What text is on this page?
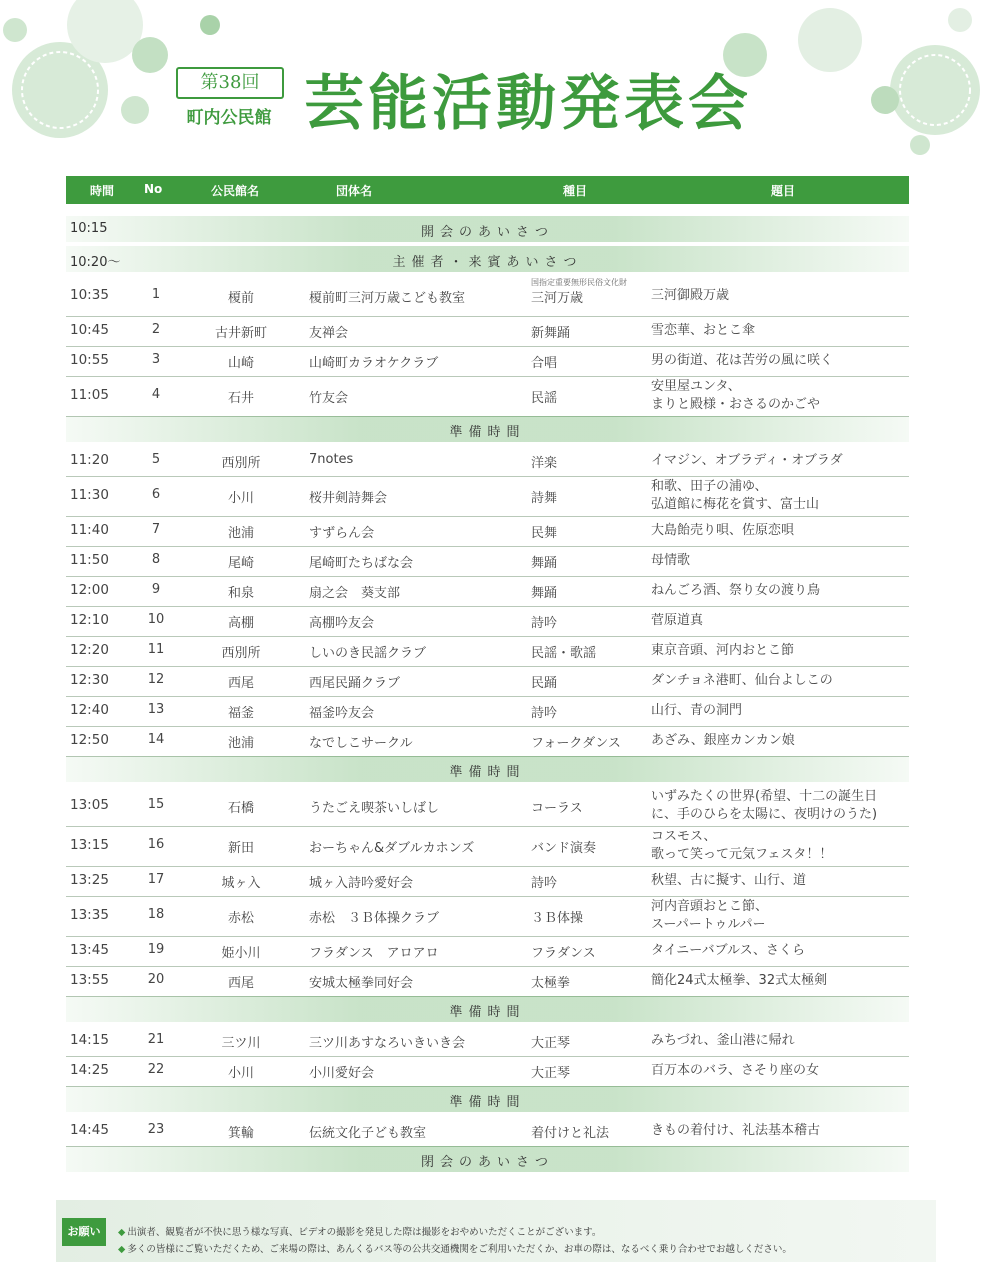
第38回
町内公民館 芸能活動発表会
時間 No	公民館名	団体名	種目	題目
10:15	開会のあいさつ
10:20～	主催者・来賓あいさつ
10:35	1	榎前	榎前町三河万歳こども教室
国指定重要無形民俗文化財
三河万歳	三河御殿万歳
10:45	2	古井新町	友禅会	新舞踊	雪恋華、おとこ傘
10:55	3	山崎	山崎町カラオケクラブ	合唱	男の街道、花は苦労の風に咲く
11:05	4	石井	竹友会	民謡
安里屋ユンタ、
まりと殿様・おさるのかごや
準備時間
11:20	5	西別所	7notes	洋楽	イマジン、オブラディ・オブラダ
11:30	6	小川	桜井剣詩舞会	詩舞
和歌、田子の浦ゆ、
弘道館に梅花を賞す、富士山
11:40	7	池浦	すずらん会	民舞	大島飴売り唄、佐原恋唄
11:50	8	尾崎	尾崎町たちばな会	舞踊	母情歌
12:00	9	和泉	扇之会　葵支部	舞踊	ねんごろ酒、祭り女の渡り鳥
12:10	10	高棚	高棚吟友会	詩吟	菅原道真
12:20	11	西別所	しいのき民謡クラブ	民謡・歌謡	東京音頭、河内おとこ節
12:30	12	西尾	西尾民踊クラブ	民踊	ダンチョネ港町、仙台よしこの
12:40	13	福釜	福釜吟友会	詩吟	山行、青の洞門
12:50	14	池浦	なでしこサークル	フォークダンス あざみ、銀座カンカン娘
準備時間
13:05	15	石橋	うたごえ喫茶いしばし	コーラス
いずみたくの世界(希望、十二の誕生日
に、手のひらを太陽に、夜明けのうた)
13:15	16	新田	おーちゃん&ダブルカホンズ	バンド演奏
コスモス、
歌って笑って元気フェスタ！！
13:25	17	城ヶ入	城ヶ入詩吟愛好会	詩吟	秋望、古に擬す、山行、道
13:35	18	赤松	赤松　３Ｂ体操クラブ	３Ｂ体操
河内音頭おとこ節、
スーパートゥルパー
13:45	19	姫小川	フラダンス　アロアロ	フラダンス	タイニーバブルス、さくら
13:55	20	西尾	安城太極拳同好会	太極拳	簡化24式太極拳、32式太極剣
準備時間
14:15	21	三ツ川	三ツ川あすなろいきいき会	大正琴	みちづれ、釜山港に帰れ
14:25	22	小川	小川愛好会	大正琴	百万本のバラ、さそり座の女
準備時間
14:45	23	箕輪	伝統文化子ども教室	着付けと礼法	きもの着付け、礼法基本稽古
閉会のあいさつ
お願い
◆	出演者、観覧者が不快に思う様な写真、ビデオの撮影を発見した際は撮影をおやめいただくことがございます。
◆ 多くの皆様にご覧いただくため、ご来場の際は、あんくるバス等の公共交通機関をご利用いただくか、お車の際は、なるべく乗り合わせでお越しください。
